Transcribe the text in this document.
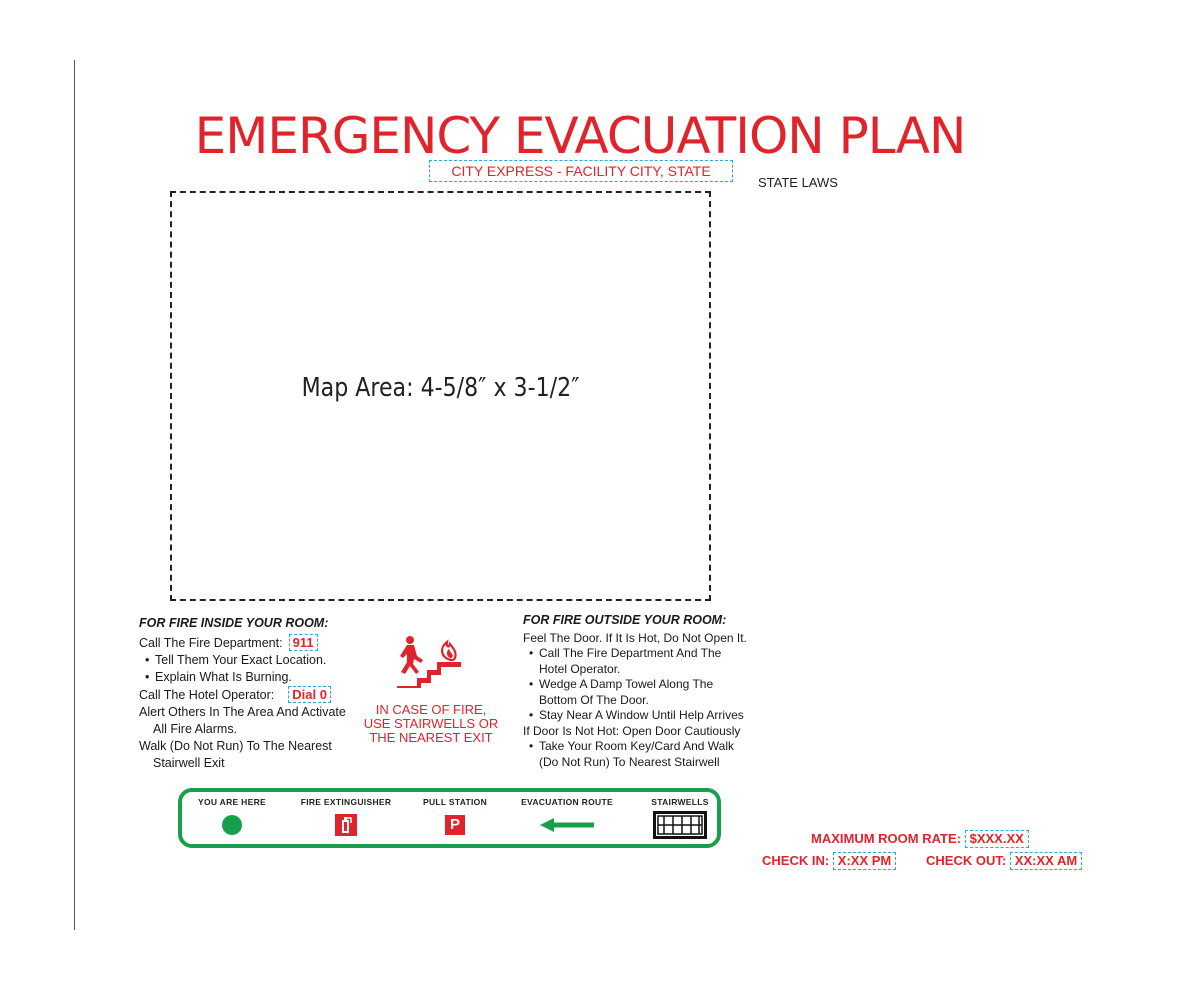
EMERGENCY EVACUATION PLAN
CITY EXPRESS - FACILITY CITY, STATE
STATE LAWS
Map Area: 4-5/8″ x 3-1/2″
FOR FIRE INSIDE YOUR ROOM:
Call The Fire Department: 911
• Tell Them Your Exact Location.
• Explain What Is Burning.
Call The Hotel Operator: Dial 0
Alert Others In The Area And Activate
All Fire Alarms.
Walk (Do Not Run) To The Nearest
Stairwell Exit
IN CASE OF FIRE,
USE STAIRWELLS OR
THE NEAREST EXIT
FOR FIRE OUTSIDE YOUR ROOM:
Feel The Door. If It Is Hot, Do Not Open It.
• Call The Fire Department And The
Hotel Operator.
• Wedge A Damp Towel Along The
Bottom Of The Door.
• Stay Near A Window Until Help Arrives
If Door Is Not Hot: Open Door Cautiously
• Take Your Room Key/Card And Walk
(Do Not Run) To Nearest Stairwell
YOU ARE HERE	FIRE EXTINGUISHER	PULL STATION
P
EVACUATION ROUTE	STAIRWELLS
MAXIMUM ROOM RATE: $XXX.XX
CHECK IN: X:XX PM	CHECK OUT: XX:XX AM
